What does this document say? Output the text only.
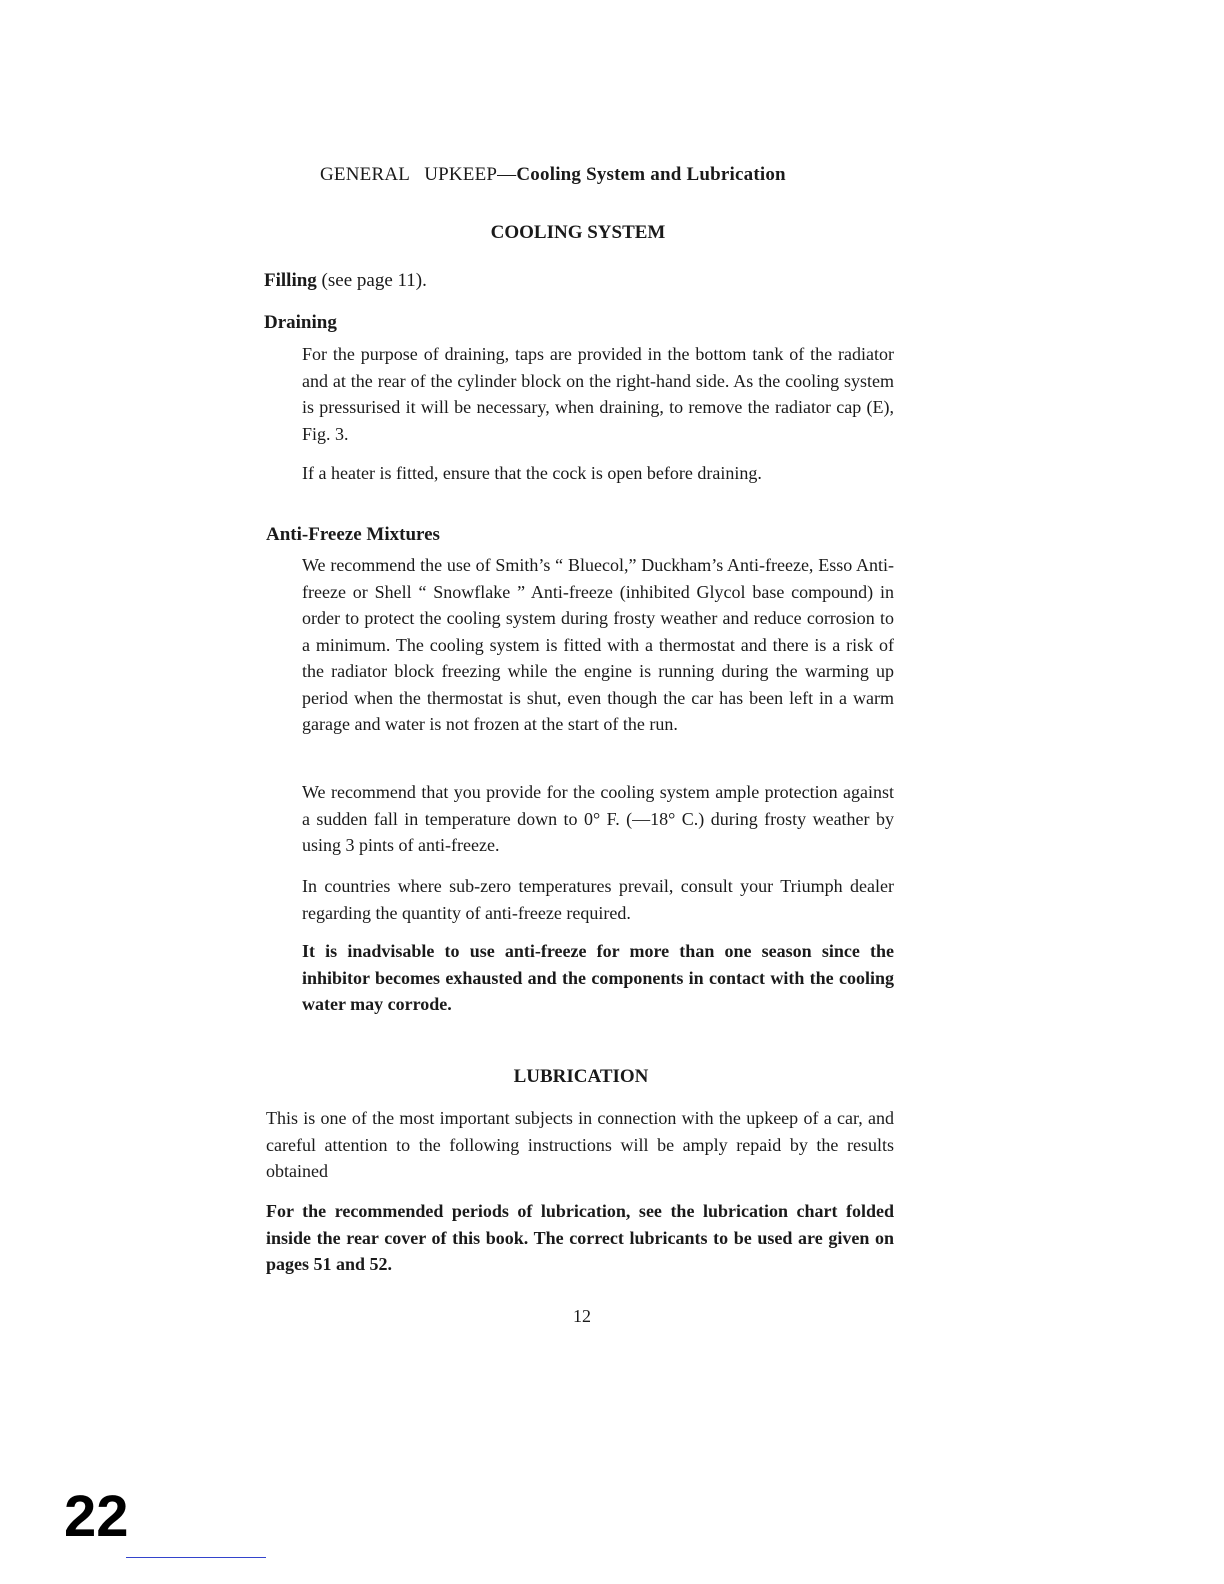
GENERAL   UPKEEP—Cooling System and Lubrication
COOLING SYSTEM
Filling (see page 11).
Draining

For the purpose of draining, taps are provided in the bottom tank of the radiator and at the rear of the cylinder block on the right-hand side. As the cooling system is pressurised it will be necessary, when draining, to remove the radiator cap (E), Fig. 3.

If a heater is fitted, ensure that the cock is open before draining.

Anti-Freeze Mixtures

We recommend the use of Smith’s “ Bluecol,” Duckham’s Anti-freeze, Esso Anti-freeze or Shell “ Snowflake ” Anti-freeze (inhibited Glycol base compound) in order to protect the cooling system during frosty weather and reduce corrosion to a minimum. The cooling system is fitted with a thermostat and there is a risk of the radiator block freezing while the engine is running during the warming up period when the thermostat is shut, even though the car has been left in a warm garage and water is not frozen at the start of the run.

We recommend that you provide for the cooling system ample protection against a sudden fall in temperature down to 0° F. (—18° C.) during frosty weather by using 3 pints of anti-freeze.

In countries where sub-zero temperatures prevail, consult your Triumph dealer regarding the quantity of anti-freeze required.

It is inadvisable to use anti-freeze for more than one season since the inhibitor becomes exhausted and the components in contact with the cooling water may corrode.

LUBRICATION

This is one of the most important subjects in connection with the upkeep of a car, and careful attention to the following instructions will be amply repaid by the results obtained

For the recommended periods of lubrication, see the lubrication chart folded inside the rear cover of this book. The correct lubricants to be used are given on pages 51 and 52.

12
22
